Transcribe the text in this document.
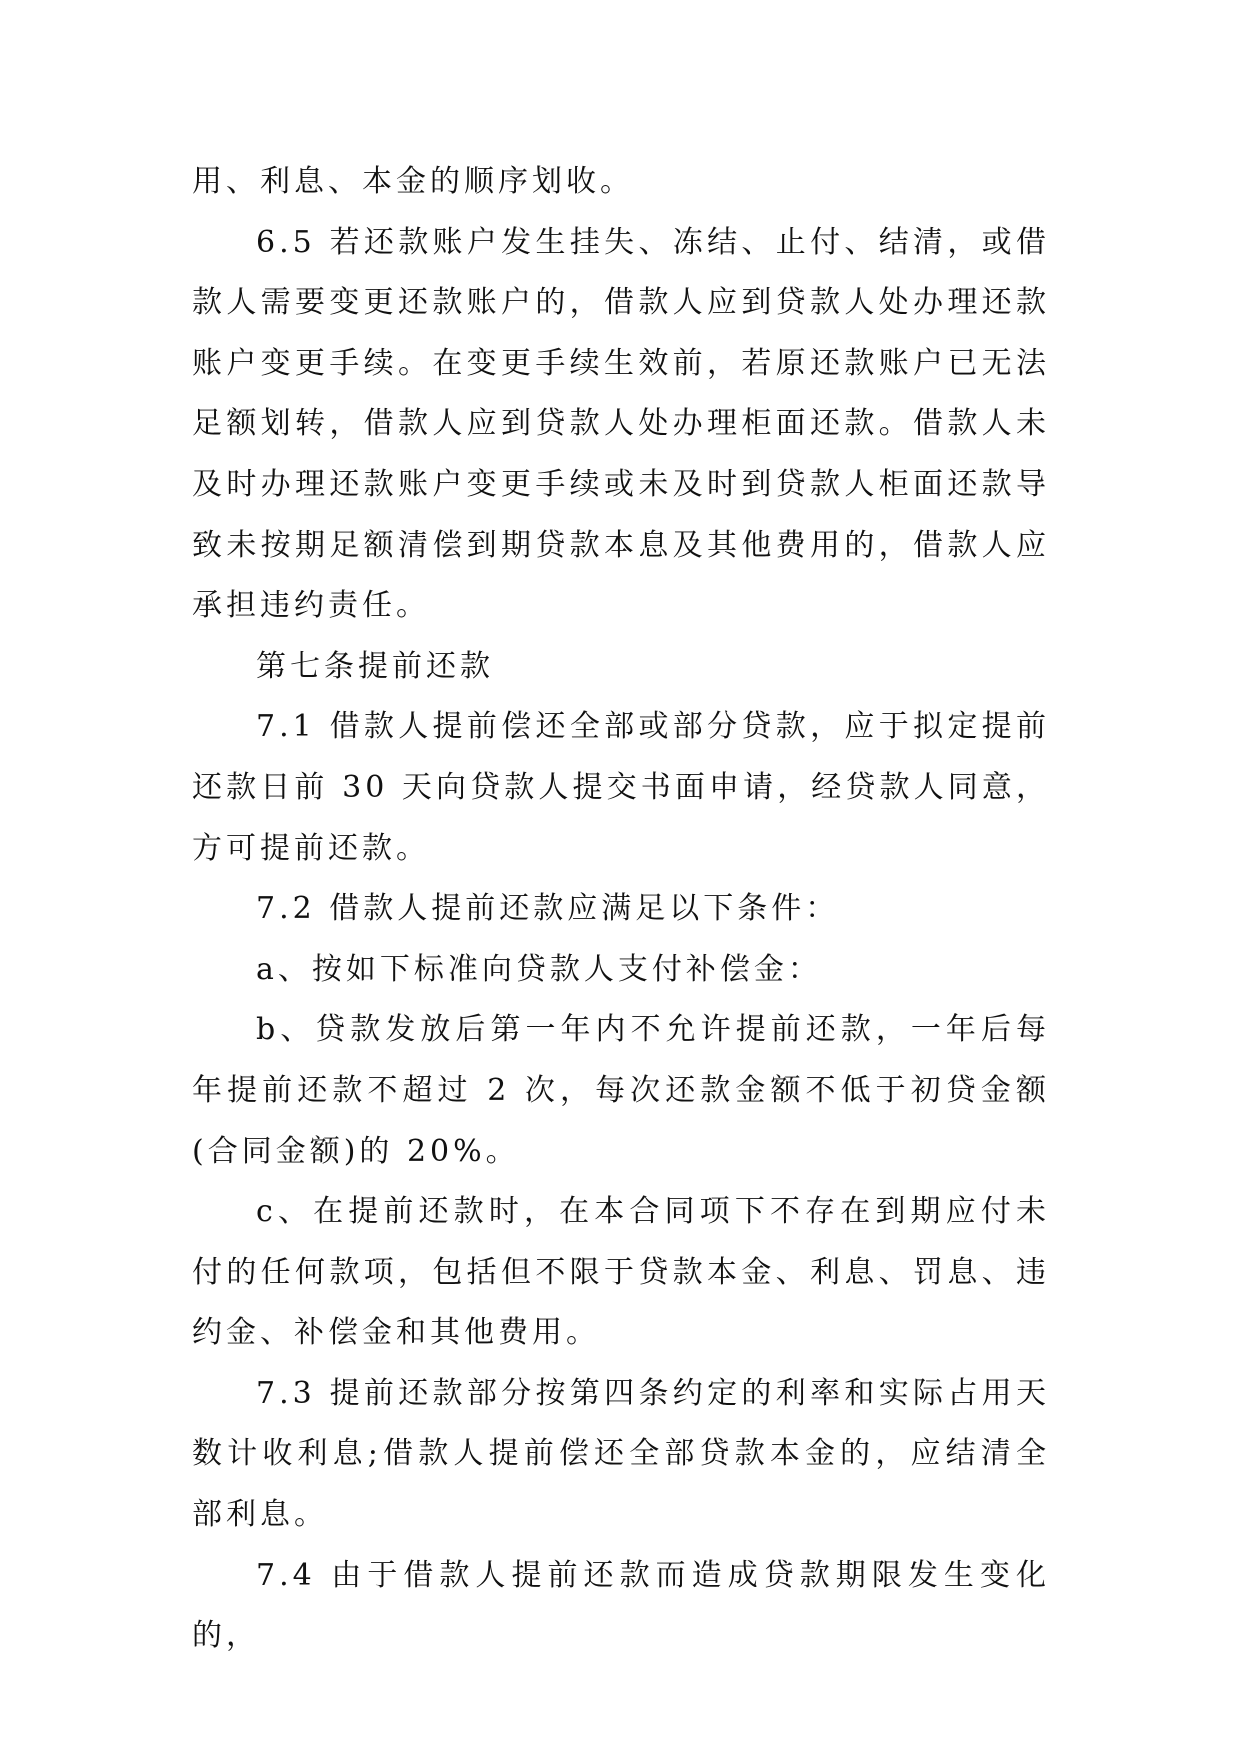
用、利息、本金的顺序划收。

6.5 若还款账户发生挂失、冻结、止付、结清，或借款人需要变更还款账户的，借款人应到贷款人处办理还款账户变更手续。在变更手续生效前，若原还款账户已无法足额划转，借款人应到贷款人处办理柜面还款。借款人未及时办理还款账户变更手续或未及时到贷款人柜面还款导致未按期足额清偿到期贷款本息及其他费用的，借款人应承担违约责任。

第七条提前还款

7.1 借款人提前偿还全部或部分贷款，应于拟定提前还款日前 30 天向贷款人提交书面申请，经贷款人同意，方可提前还款。

7.2 借款人提前还款应满足以下条件：

a、按如下标准向贷款人支付补偿金：

b、贷款发放后第一年内不允许提前还款，一年后每年提前还款不超过 2 次，每次还款金额不低于初贷金额(合同金额)的 20%。

c、在提前还款时，在本合同项下不存在到期应付未付的任何款项，包括但不限于贷款本金、利息、罚息、违约金、补偿金和其他费用。

7.3 提前还款部分按第四条约定的利率和实际占用天数计收利息;借款人提前偿还全部贷款本金的，应结清全部利息。

7.4 由于借款人提前还款而造成贷款期限发生变化的，
